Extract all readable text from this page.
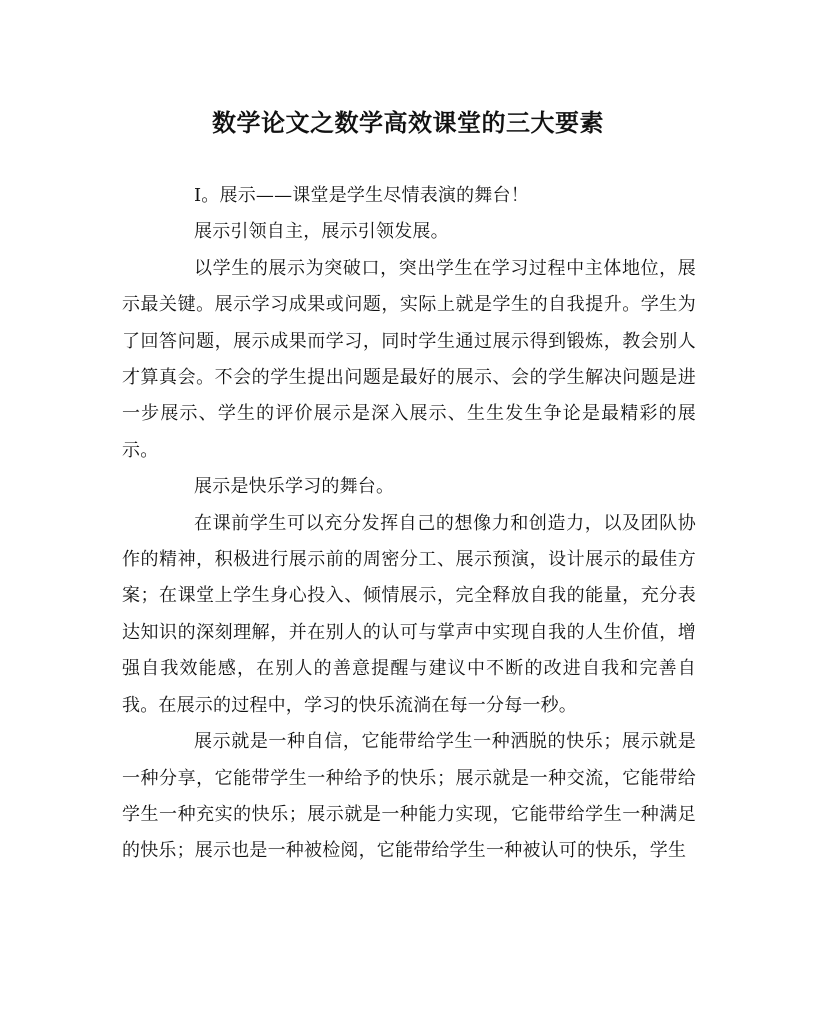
数学论文之数学高效课堂的三大要素

Ⅰ。展示——课堂是学生尽情表演的舞台！

展示引领自主，展示引领发展。

以学生的展示为突破口，突出学生在学习过程中主体地位，展示最关键。展示学习成果或问题，实际上就是学生的自我提升。学生为了回答问题，展示成果而学习，同时学生通过展示得到锻炼，教会别人才算真会。不会的学生提出问题是最好的展示、会的学生解决问题是进一步展示、学生的评价展示是深入展示、生生发生争论是最精彩的展示。

展示是快乐学习的舞台。

在课前学生可以充分发挥自己的想像力和创造力，以及团队协作的精神，积极进行展示前的周密分工、展示预演，设计展示的最佳方案；在课堂上学生身心投入、倾情展示，完全释放自我的能量，充分表达知识的深刻理解，并在别人的认可与掌声中实现自我的人生价值，增强自我效能感，在别人的善意提醒与建议中不断的改进自我和完善自我。在展示的过程中，学习的快乐流淌在每一分每一秒。

展示就是一种自信，它能带给学生一种洒脱的快乐；展示就是一种分享，它能带学生一种给予的快乐；展示就是一种交流，它能带给学生一种充实的快乐；展示就是一种能力实现，它能带给学生一种满足的快乐；展示也是一种被检阅，它能带给学生一种被认可的快乐，学生
